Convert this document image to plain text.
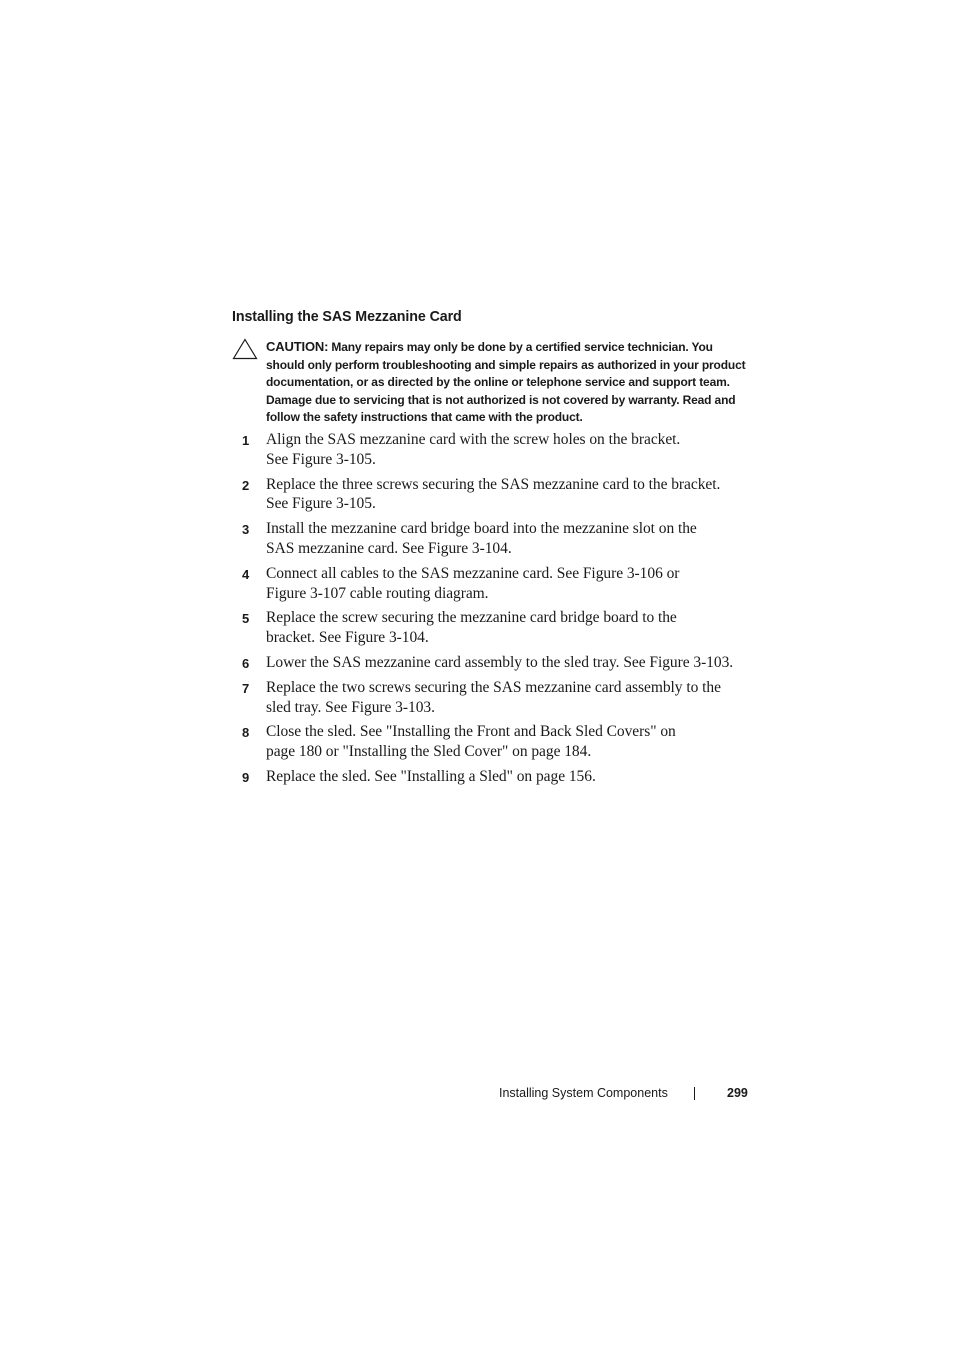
Installing the SAS Mezzanine Card
CAUTION: Many repairs may only be done by a certified service technician. You should only perform troubleshooting and simple repairs as authorized in your product documentation, or as directed by the online or telephone service and support team. Damage due to servicing that is not authorized is not covered by warranty. Read and follow the safety instructions that came with the product.
1	Align the SAS mezzanine card with the screw holes on the bracket.
See Figure 3-105.
2	Replace the three screws securing the SAS mezzanine card to the bracket.
See Figure 3-105.
3	Install the mezzanine card bridge board into the mezzanine slot on the
SAS mezzanine card. See Figure 3-104.
4	Connect all cables to the SAS mezzanine card. See Figure 3-106 or
Figure 3-107 cable routing diagram.
5	Replace the screw securing the mezzanine card bridge board to the
bracket. See Figure 3-104.
6	Lower the SAS mezzanine card assembly to the sled tray. See Figure 3-103.
7	Replace the two screws securing the SAS mezzanine card assembly to the
sled tray. See Figure 3-103.
8	Close the sled. See "Installing the Front and Back Sled Covers" on
page 180 or "Installing the Sled Cover" on page 184.
9	Replace the sled. See "Installing a Sled" on page 156.
Installing System Components	299
